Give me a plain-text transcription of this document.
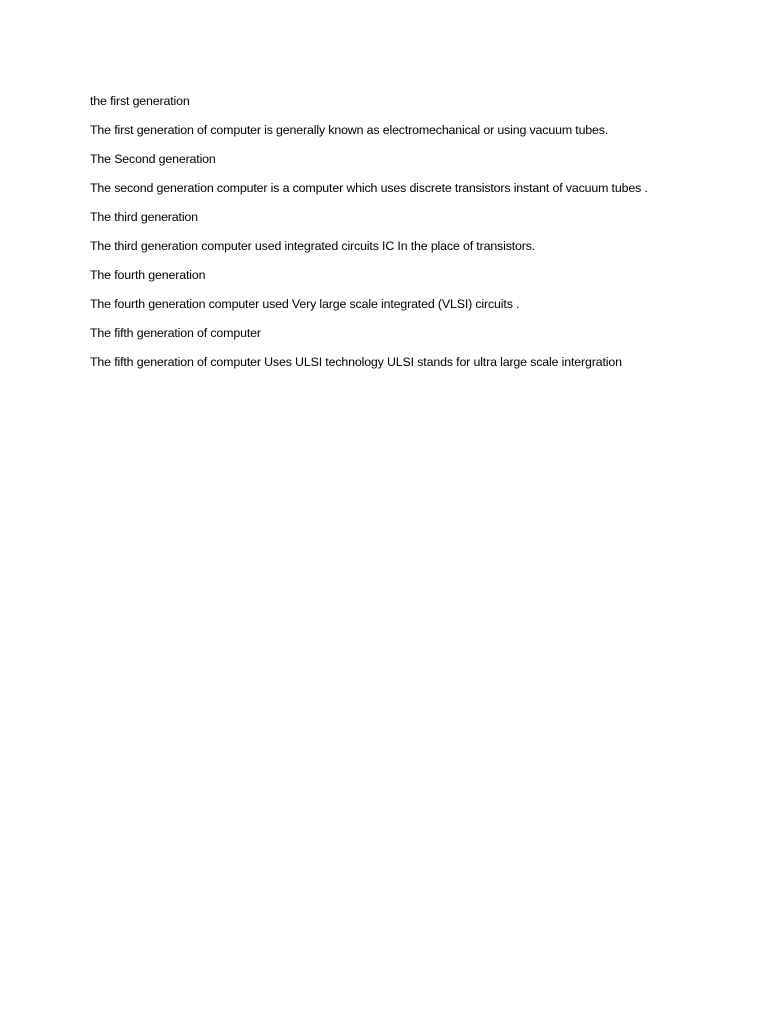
the first generation

The first generation of computer is generally known as electromechanical or using vacuum tubes.

The Second generation

The second generation computer is a computer which uses discrete transistors instant of vacuum tubes .

The third generation

The third generation computer used integrated circuits IC In the place of transistors.

The fourth generation

The fourth generation computer used Very large scale integrated (VLSI) circuits .

The fifth generation of computer

The fifth generation of computer Uses ULSI technology ULSI stands for ultra large scale intergration
